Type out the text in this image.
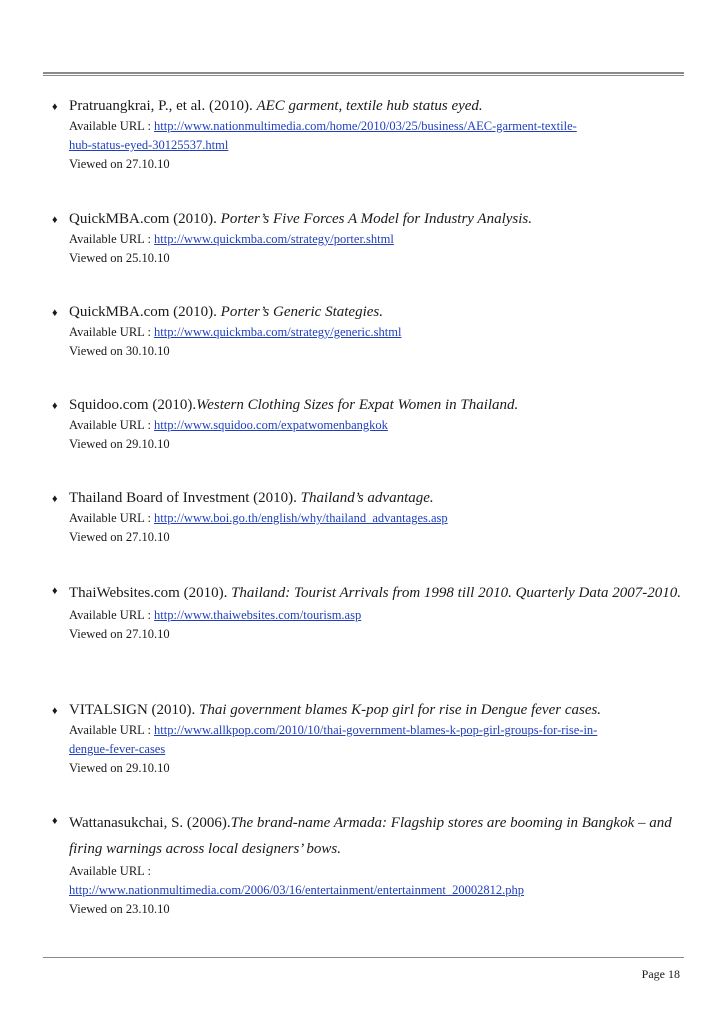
♦ Pratruangkrai, P., et al. (2010). AEC garment, textile hub status eyed.
Available URL : http://www.nationmultimedia.com/home/2010/03/25/business/AEC-garment-textile-
hub-status-eyed-30125537.html
Viewed on 27.10.10
♦ QuickMBA.com (2010). Porter’s Five Forces A Model for Industry Analysis.
Available URL : http://www.quickmba.com/strategy/porter.shtml
Viewed on 25.10.10
♦ QuickMBA.com (2010). Porter’s Generic Stategies.
Available URL : http://www.quickmba.com/strategy/generic.shtml
Viewed on 30.10.10
♦ Squidoo.com (2010).Western Clothing Sizes for Expat Women in Thailand.
Available URL : http://www.squidoo.com/expatwomenbangkok
Viewed on 29.10.10
♦ Thailand Board of Investment (2010). Thailand’s advantage.
Available URL : http://www.boi.go.th/english/why/thailand_advantages.asp
Viewed on 27.10.10
♦ ThaiWebsites.com (2010). Thailand: Tourist Arrivals from 1998 till 2010. Quarterly Data 2007-2010.
Available URL : http://www.thaiwebsites.com/tourism.asp
Viewed on 27.10.10
♦ VITALSIGN (2010). Thai government blames K-pop girl for rise in Dengue fever cases.
Available URL : http://www.allkpop.com/2010/10/thai-government-blames-k-pop-girl-groups-for-rise-in-
dengue-fever-cases
Viewed on 29.10.10
♦ Wattanasukchai, S. (2006).The brand-name Armada: Flagship stores are booming in Bangkok – and firing warnings across local designers’ bows.
Available URL :
http://www.nationmultimedia.com/2006/03/16/entertainment/entertainment_20002812.php
Viewed on 23.10.10
Page 18
